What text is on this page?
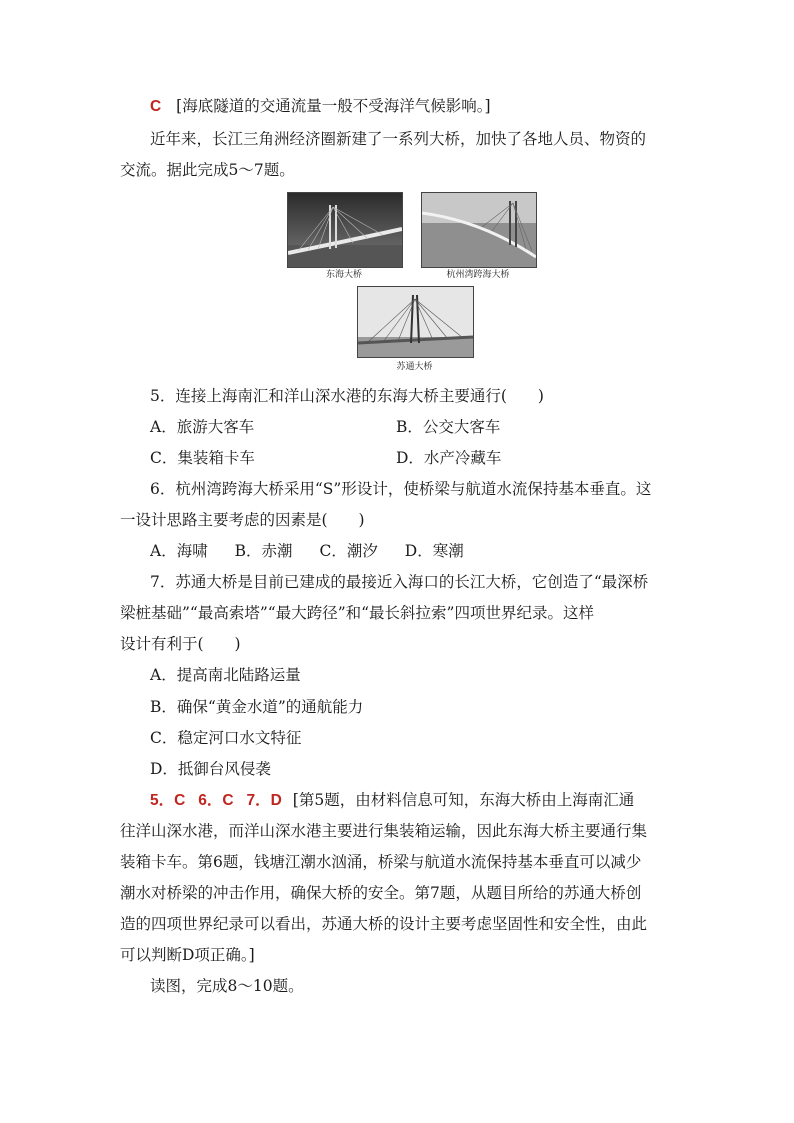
C [海底隧道的交通流量一般不受海洋气候影响。]
近年来，长江三角洲经济圈新建了一系列大桥，加快了各地人员、物资的
交流。据此完成5～7题。
东海大桥	杭州湾跨海大桥
苏通大桥
5．连接上海南汇和洋山深水港的东海大桥主要通行(　　)
A．旅游大客车	B．公交大客车
C．集装箱卡车	D．水产冷藏车
6．杭州湾跨海大桥采用“S”形设计，使桥梁与航道水流保持基本垂直。这
一设计思路主要考虑的因素是(　　)
A．海啸 B．赤潮 C．潮汐 D．寒潮
7．苏通大桥是目前已建成的最接近入海口的长江大桥，它创造了“最深桥
梁桩基础”“最高索塔”“最大跨径”和“最长斜拉索”四项世界纪录。这样
设计有利于(　　)
A．提高南北陆路运量
B．确保“黄金水道”的通航能力
C．稳定河口水文特征
D．抵御台风侵袭
5．C 6．C 7．D [第5题，由材料信息可知，东海大桥由上海南汇通
往洋山深水港，而洋山深水港主要进行集装箱运输，因此东海大桥主要通行集
装箱卡车。第6题，钱塘江潮水汹涌，桥梁与航道水流保持基本垂直可以减少
潮水对桥梁的冲击作用，确保大桥的安全。第7题，从题目所给的苏通大桥创
造的四项世界纪录可以看出，苏通大桥的设计主要考虑坚固性和安全性，由此
可以判断D项正确。]
读图，完成8～10题。
